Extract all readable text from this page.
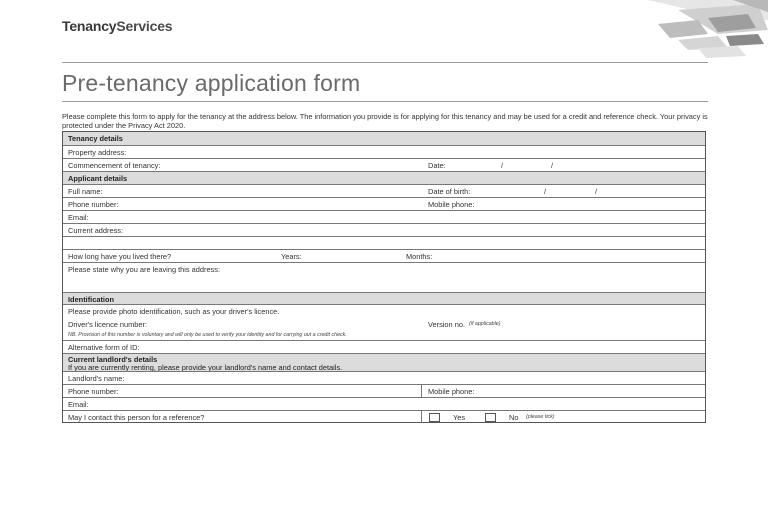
TenancyServices
Pre-tenancy application form
Please complete this form to apply for the tenancy at the address below. The information you provide is for applying for this tenancy and may be used for a credit and reference check. Your privacy is protected under the Privacy Act 2020.
Tenancy details
Property address:
Commencement of tenancy:	Date:	/	/
Applicant details
Full name:	Date of birth:	/	/
Phone number:	Mobile phone:
Email:
Current address:
How long have you lived there?	Years:	Months:
Please state why you are leaving this address:
Identification
Please provide photo identification, such as your driver's licence.
Driver's licence number:	Version no. (if applicable)
NB. Provision of this number is voluntary and will only be used to verify your identity and for carrying out a credit check.
Alternative form of ID:
Current landlord's details
If you are currently renting, please provide your landlord's name and contact details.
Landlord's name:
Phone number:	Mobile phone:
Email:
May I contact this person for a reference?	Yes	No (please tick)
